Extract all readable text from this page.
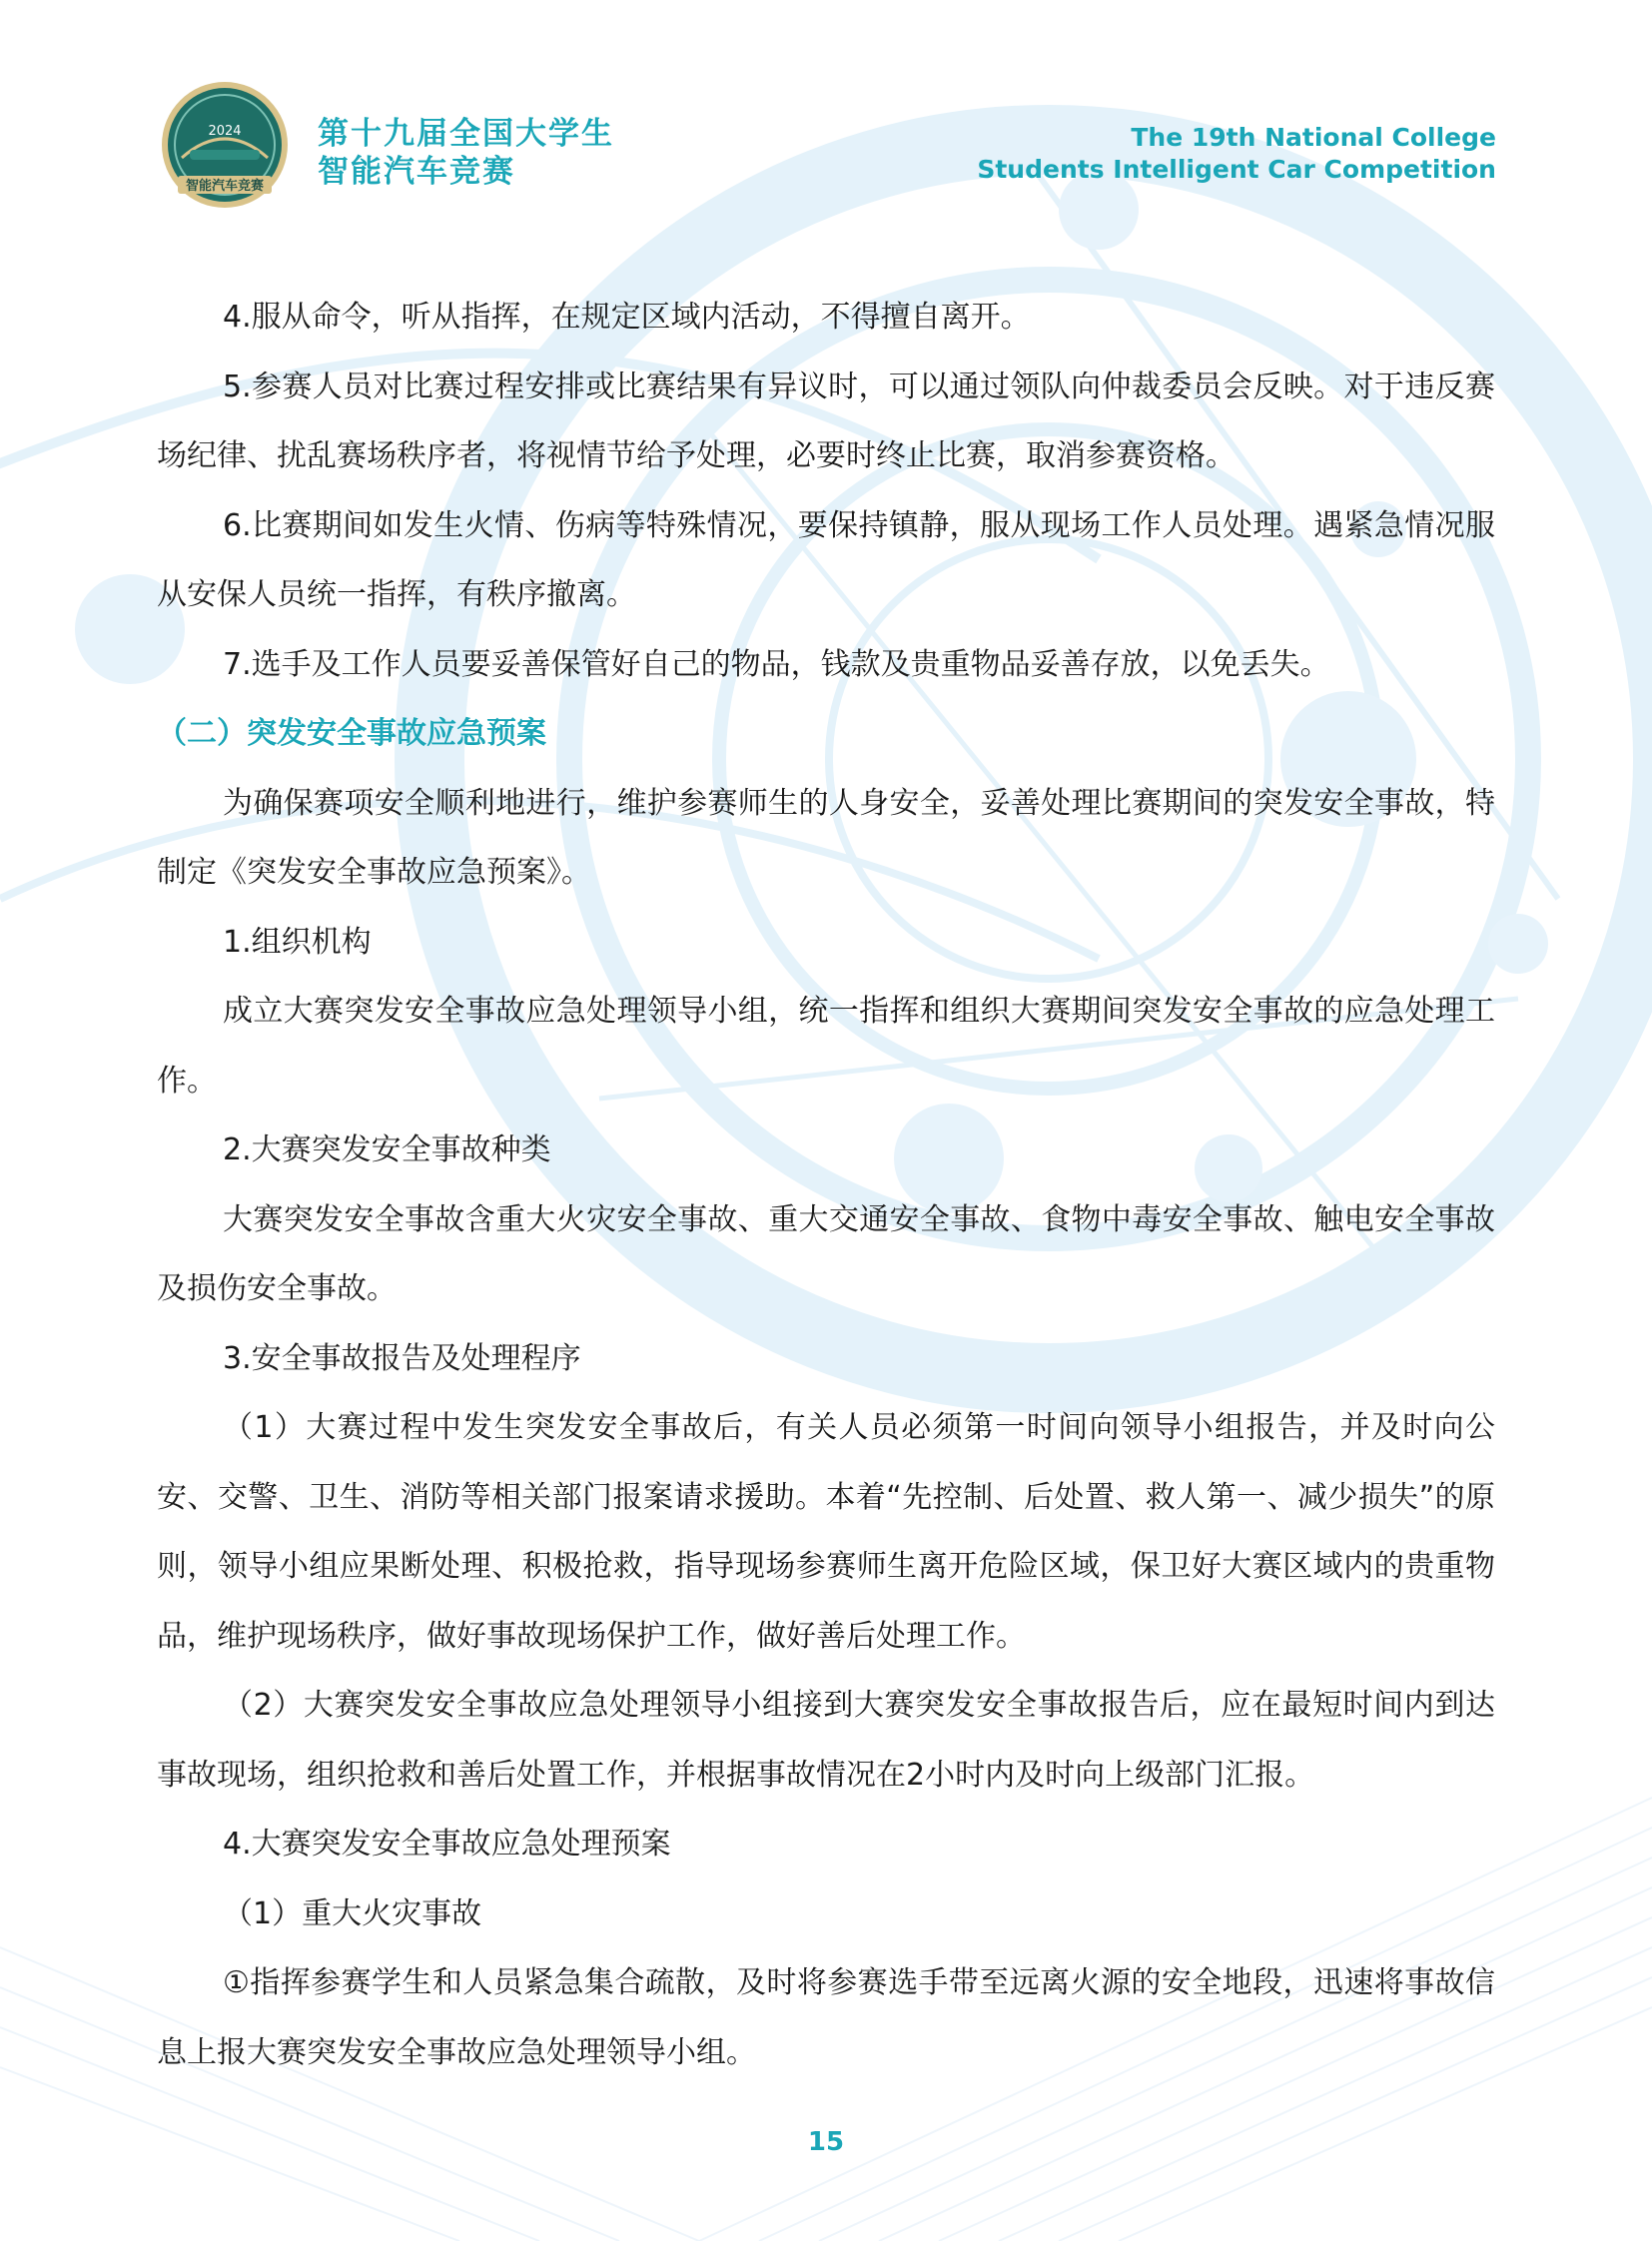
2024
智能汽车竞赛
第十九届全国大学生
智能汽车竞赛
The 19th National College
Students Intelligent Car Competition

4.服从命令，听从指挥，在规定区域内活动，不得擅自离开。

5.参赛人员对比赛过程安排或比赛结果有异议时，可以通过领队向仲裁委员会反映。对于违反赛场纪律、扰乱赛场秩序者，将视情节给予处理，必要时终止比赛，取消参赛资格。

6.比赛期间如发生火情、伤病等特殊情况，要保持镇静，服从现场工作人员处理。遇紧急情况服从安保人员统一指挥，有秩序撤离。

7.选手及工作人员要妥善保管好自己的物品，钱款及贵重物品妥善存放，以免丢失。

（二）突发安全事故应急预案

为确保赛项安全顺利地进行，维护参赛师生的人身安全，妥善处理比赛期间的突发安全事故，特制定《突发安全事故应急预案》。

1.组织机构

成立大赛突发安全事故应急处理领导小组，统一指挥和组织大赛期间突发安全事故的应急处理工作。

2.大赛突发安全事故种类

大赛突发安全事故含重大火灾安全事故、重大交通安全事故、食物中毒安全事故、触电安全事故及损伤安全事故。

3.安全事故报告及处理程序

（1）大赛过程中发生突发安全事故后，有关人员必须第一时间向领导小组报告，并及时向公安、交警、卫生、消防等相关部门报案请求援助。本着“先控制、后处置、救人第一、减少损失”的原则，领导小组应果断处理、积极抢救，指导现场参赛师生离开危险区域，保卫好大赛区域内的贵重物品，维护现场秩序，做好事故现场保护工作，做好善后处理工作。

（2）大赛突发安全事故应急处理领导小组接到大赛突发安全事故报告后，应在最短时间内到达事故现场，组织抢救和善后处置工作，并根据事故情况在2小时内及时向上级部门汇报。

4.大赛突发安全事故应急处理预案

（1）重大火灾事故

①指挥参赛学生和人员紧急集合疏散，及时将参赛选手带至远离火源的安全地段，迅速将事故信息上报大赛突发安全事故应急处理领导小组。

15
